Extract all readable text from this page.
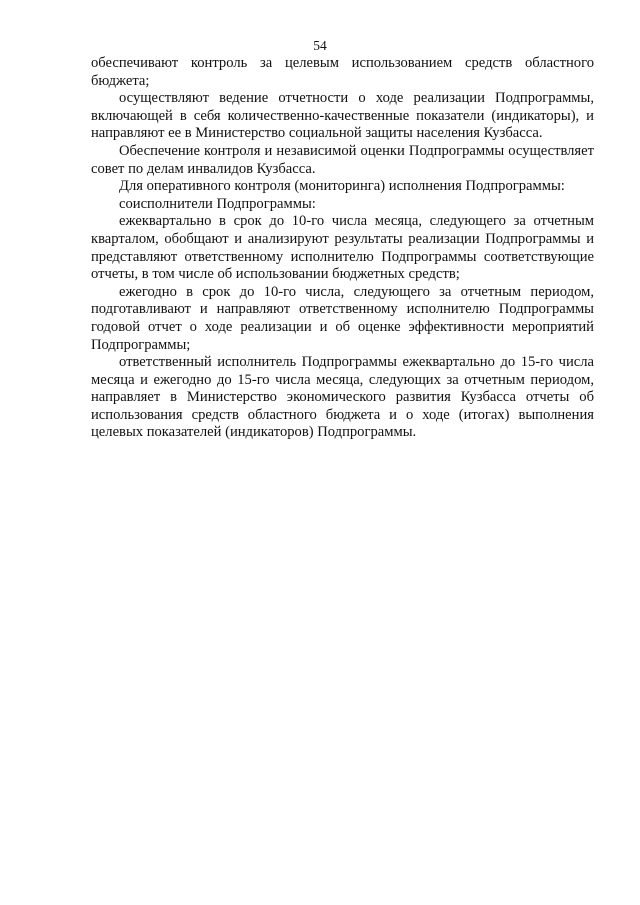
54

обеспечивают контроль за целевым использованием средств областного бюджета;

осуществляют ведение отчетности о ходе реализации Подпрограммы, включающей в себя количественно-качественные показатели (индикаторы), и направляют ее в Министерство социальной защиты населения Кузбасса.

Обеспечение контроля и независимой оценки Подпрограммы осуществляет совет по делам инвалидов Кузбасса.

Для оперативного контроля (мониторинга) исполнения Подпрограммы:

соисполнители Подпрограммы:

ежеквартально в срок до 10-го числа месяца, следующего за отчетным кварталом, обобщают и анализируют результаты реализации Подпрограммы и представляют ответственному исполнителю Подпрограммы соответствующие отчеты, в том числе об использовании бюджетных средств;

ежегодно в срок до 10-го числа, следующего за отчетным периодом, подготавливают и направляют ответственному исполнителю Подпрограммы годовой отчет о ходе реализации и об оценке эффективности мероприятий Подпрограммы;

ответственный исполнитель Подпрограммы ежеквартально до 15-го числа месяца и ежегодно до 15-го числа месяца, следующих за отчетным периодом, направляет в Министерство экономического развития Кузбасса отчеты об использования средств областного бюджета и о ходе (итогах) выполнения целевых показателей (индикаторов) Подпрограммы.
